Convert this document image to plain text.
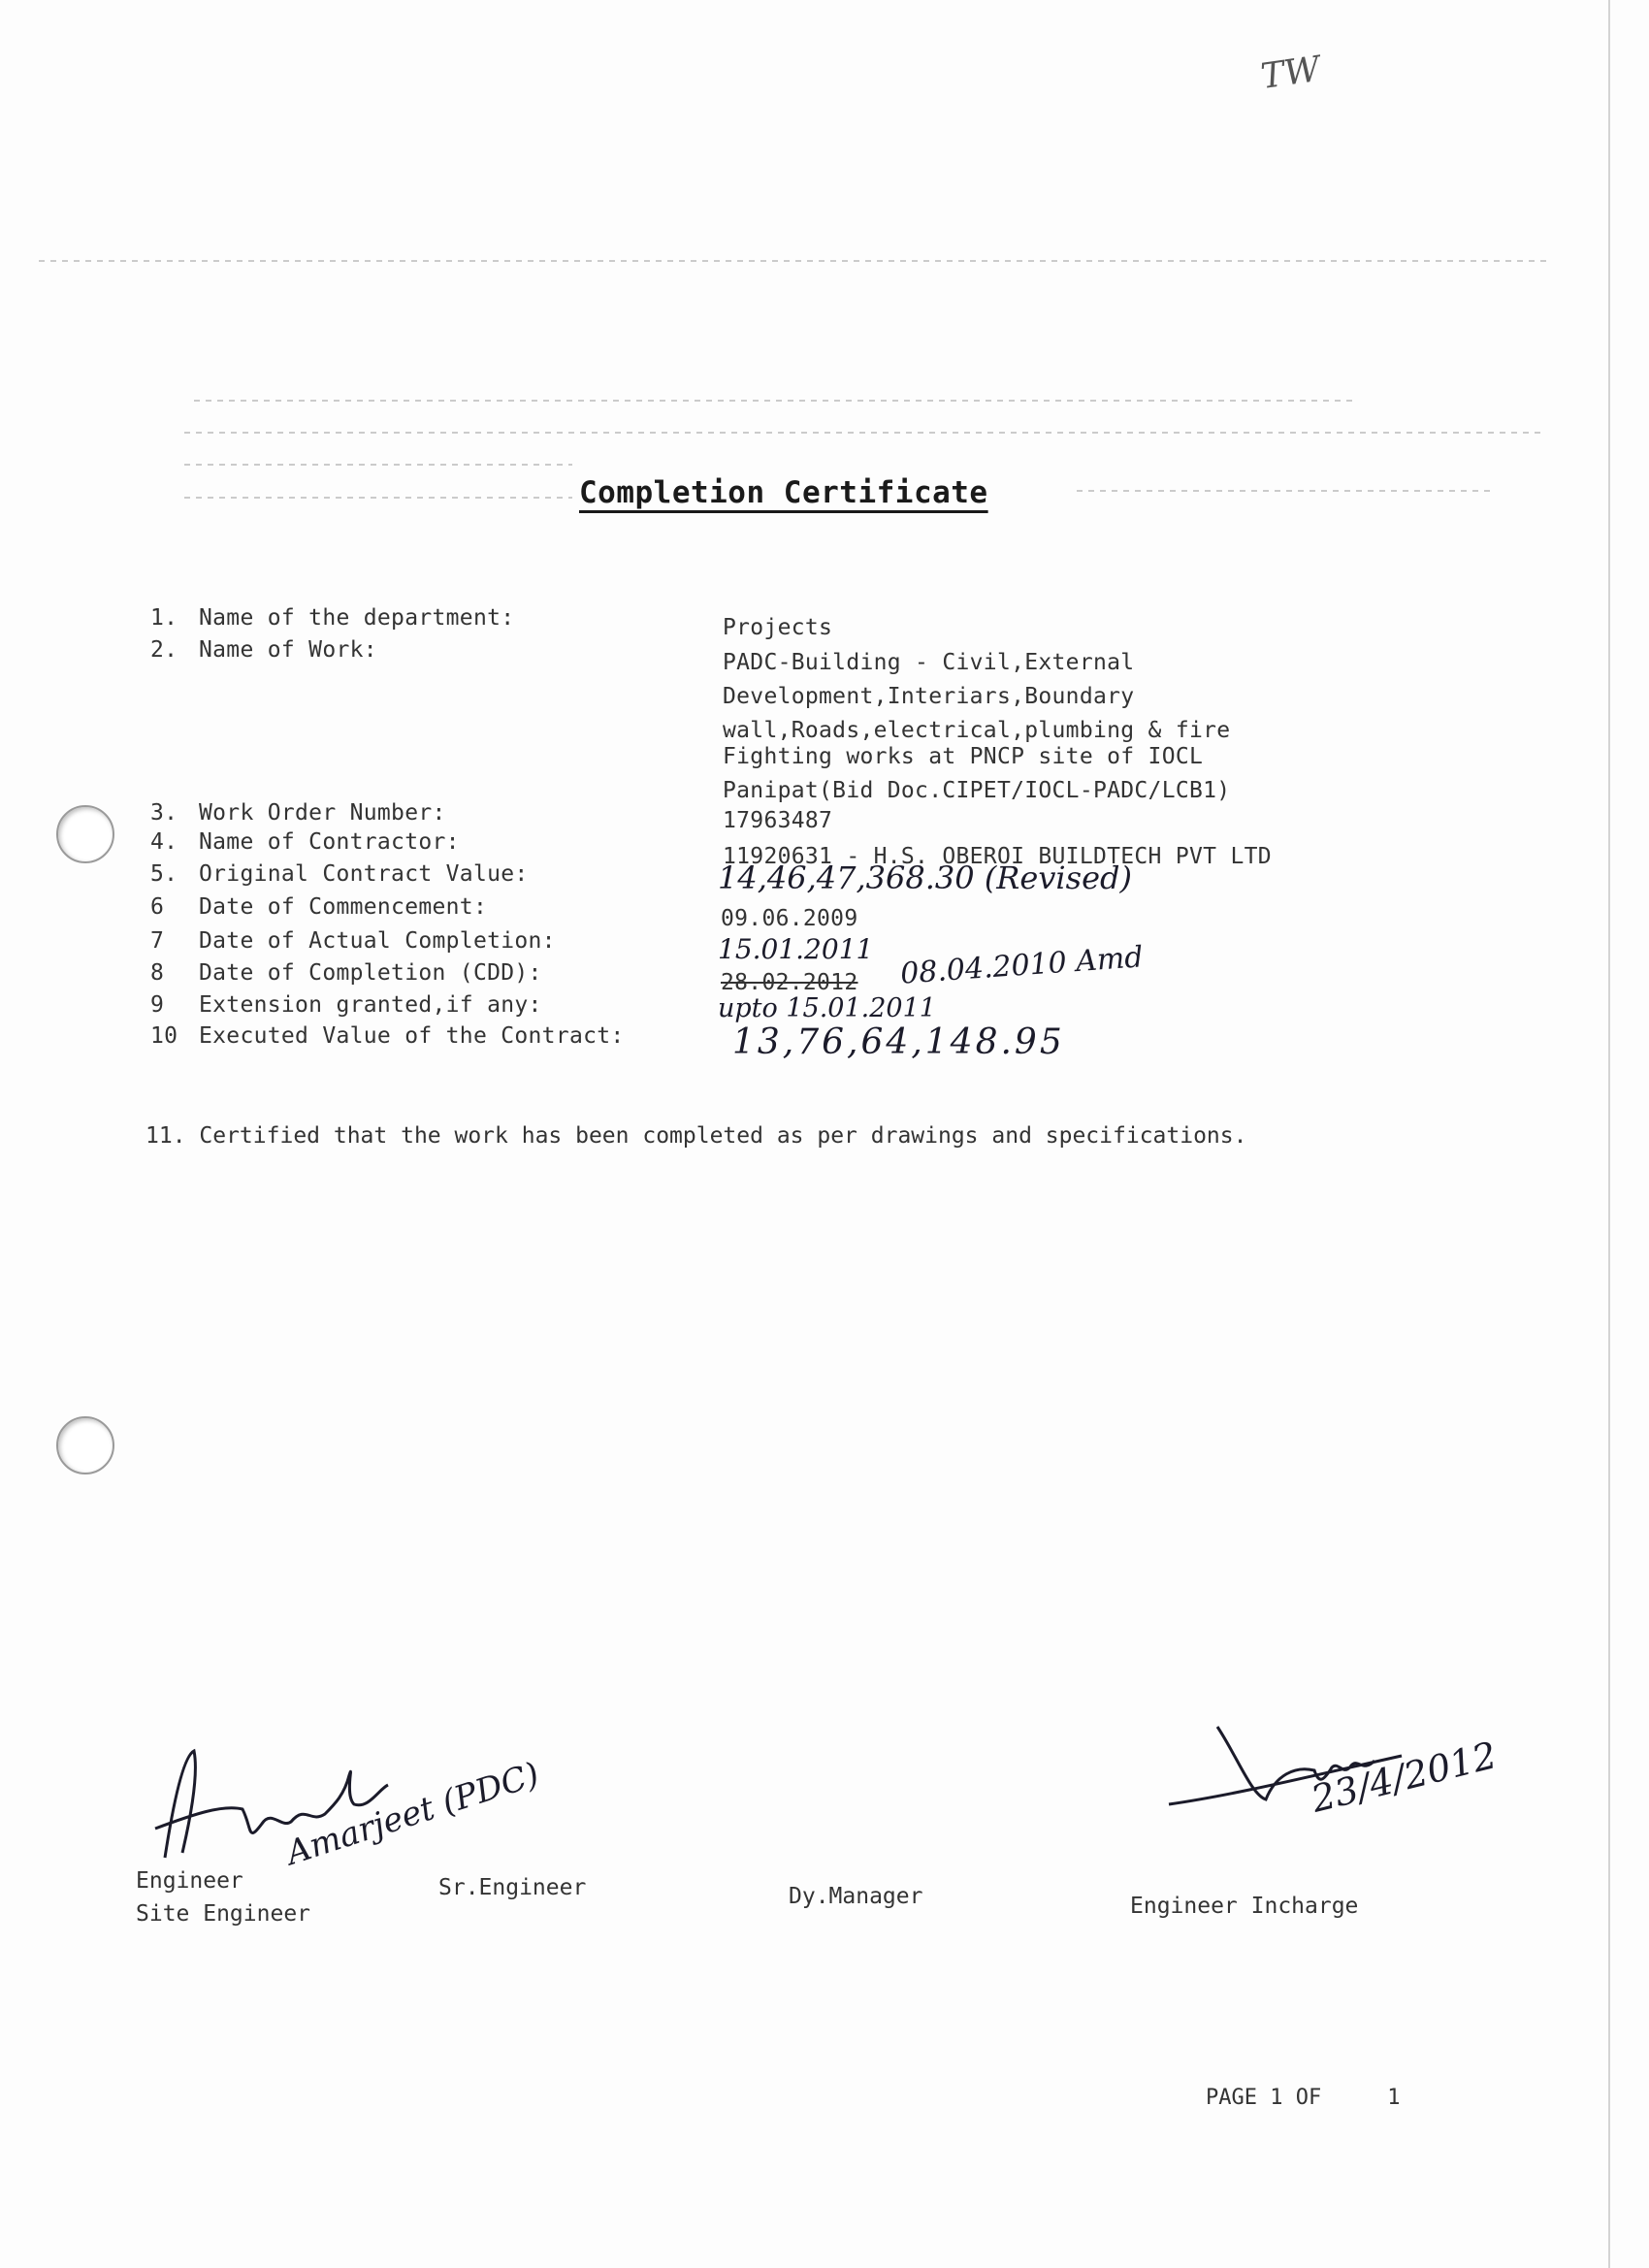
TW
Completion Certificate
1. Name of the department:	Projects
2. Name of Work:	PADC-Building - Civil,External
Development,Interiars,Boundary
wall,Roads,electrical,plumbing & fire
Fighting works at PNCP site of IOCL
Panipat(Bid Doc.CIPET/IOCL-PADC/LCB1)
3. Work Order Number:	17963487
4. Name of Contractor:
11920631 - H.S. OBEROI BUILDTECH PVT LTD
5. Original Contract Value:	14,46,47,368.30 (Revised)
6	Date of Commencement:	09.06.2009
7	Date of Actual Completion:	15.01.2011
8	Date of Completion (CDD):	28.02.2012 08.04.2010 Amd
9	Extension granted,if any:	upto 15.01.2011
10 Executed Value of the Contract:	13,76,64,148.95
11. Certified that the work has been completed as per drawings and specifications.
Amarjeet (PDC)	23/4/2012
Engineer
Site Engineer
Sr.Engineer	Dy.Manager	Engineer Incharge
PAGE 1 OF	1
